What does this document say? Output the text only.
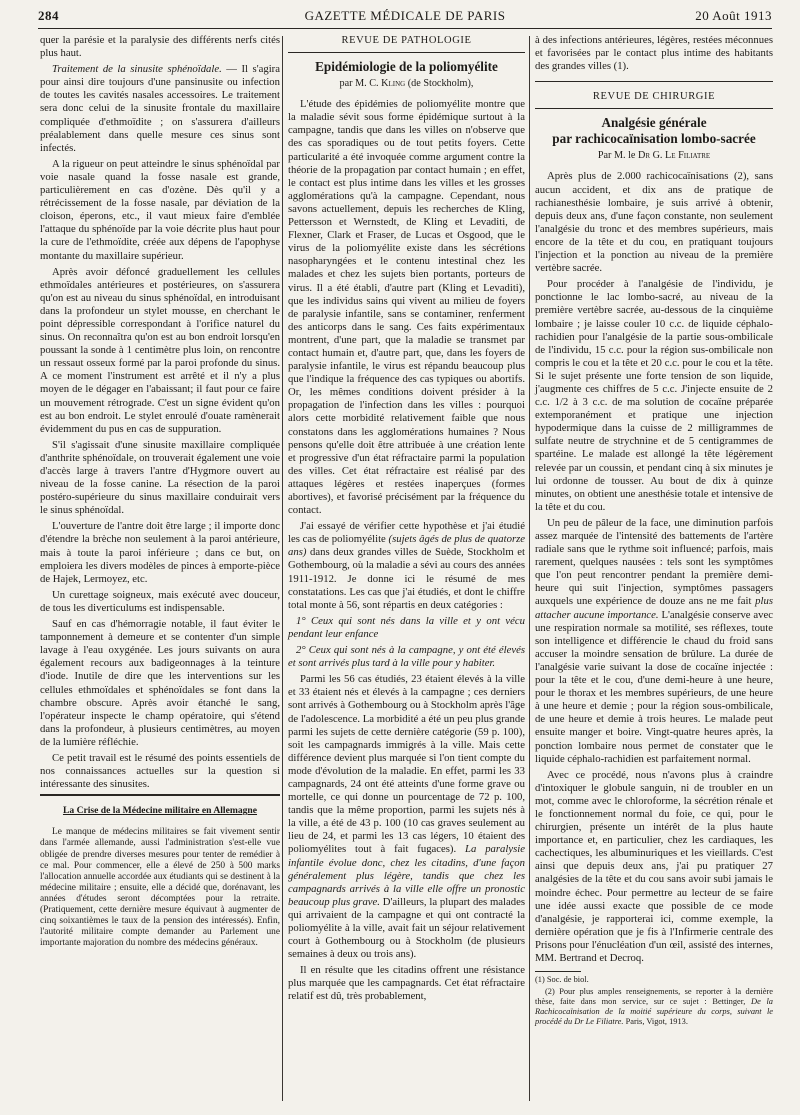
284	GAZETTE MÉDICALE DE PARIS	20 Août 1913

quer la parésie et la paralysie des différents nerfs cités plus haut.

Traitement de la sinusite sphénoïdale. — Il s'agira pour ainsi dire toujours d'une pansinusite ou infection de toutes les cavités nasales accessoires. Le traitement sera donc celui de la sinusite frontale du maxillaire compliquée d'ethmoïdite ; on s'assurera d'ailleurs préalablement dans quelle mesure ces sinus sont infectés.

A la rigueur on peut atteindre le sinus sphénoïdal par voie nasale quand la fosse nasale est grande, particulièrement en cas d'ozène. Dès qu'il y a rétrécissement de la fosse nasale, par déviation de la cloison, éperons, etc., il vaut mieux faire d'emblée l'attaque du sphénoïde par la voie décrite plus haut pour la cure de l'ethmoïdite, créée aux dépens de l'apophyse montante du maxillaire supérieur.

Après avoir défoncé graduellement les cellules ethmoïdales antérieures et postérieures, on s'assurera qu'on est au niveau du sinus sphénoïdal, en introduisant dans la profondeur un stylet mousse, en cherchant le point dépressible correspondant à l'orifice naturel du sinus. On reconnaîtra qu'on est au bon endroit lorsqu'en poussant la sonde à 1 centimètre plus loin, on rencontre un ressaut osseux formé par la paroi profonde du sinus. A ce moment l'instrument est arrêté et il n'y a plus moyen de le dégager en l'abaissant; il faut pour ce faire un mouvement rétrograde. C'est un signe évident qu'on est au bon endroit. Le stylet enroulé d'ouate ramènerait évidemment du pus en cas de suppuration.

S'il s'agissait d'une sinusite maxillaire compliquée d'anthrite sphénoïdale, on trouverait également une voie d'accès large à travers l'antre d'Hygmore ouvert au niveau de la fosse canine. La résection de la paroi postéro-supérieure du sinus maxillaire conduirait vers le sinus sphénoïdal.

L'ouverture de l'antre doit être large ; il importe donc d'étendre la brèche non seulement à la paroi antérieure, mais à toute la paroi inférieure ; dans ce but, on emploiera les divers modèles de pinces à emporte-pièce de Hajek, Lermoyez, etc.

Un curettage soigneux, mais exécuté avec douceur, de tous les diverticulums est indispensable.

Sauf en cas d'hémorragie notable, il faut éviter le tamponnement à demeure et se contenter d'un simple lavage à l'eau oxygénée. Les jours suivants on aura également recours aux badigeonnages à la teinture d'iode. Inutile de dire que les interventions sur les cellules ethmoïdales et sphénoïdales se font dans la chambre obscure. Après avoir étanché le sang, l'opérateur inspecte le champ opératoire, qui s'étend dans la profondeur, à plusieurs centimètres, au moyen de la lumière réfléchie.

Ce petit travail est le résumé des points essentiels de nos connaissances actuelles sur la question si intéressante des sinusites.

La Crise de la Médecine militaire en Allemagne

Le manque de médecins militaires se fait vivement sentir dans l'armée allemande, aussi l'administration s'est-elle vue obligée de prendre diverses mesures pour tenter de remédier à ce mal. Pour commencer, elle a élevé de 250 à 500 marks l'allocation annuelle accordée aux étudiants qui se destinent à la médecine militaire ; ensuite, elle a décidé que, dorénavant, les années d'études seront décomptées pour la retraite. (Pratiquement, cette dernière mesure équivaut à augmenter de cinq soixantièmes le taux de la pension des intéressés). Enfin, l'autorité militaire compte demander au Parlement une importante majoration du nombre des médecins généraux.

REVUE DE PATHOLOGIE
Epidémiologie de la poliomyélite
par M. C. Kling (de Stockholm),

L'étude des épidémies de poliomyélite montre que la maladie sévit sous forme épidémique surtout à la campagne, tandis que dans les villes on n'observe que des cas sporadiques ou de tout petits foyers. Cette particularité a été invoquée comme argument contre la théorie de la propagation par contact humain ; en effet, le contact est plus intime dans les villes et les grosses agglomérations qu'à la campagne. Cependant, nous savons actuellement, depuis les recherches de Kling, Pettersson et Wernstedt, de Kling et Levaditi, de Flexner, Clark et Fraser, de Lucas et Osgood, que le virus de la poliomyélite existe dans les sécrétions nasopharyngées et le contenu intestinal chez les malades et chez les sujets bien portants, porteurs de virus. Il a été établi, d'autre part (Kling et Levaditi), que les individus sains qui vivent au milieu de foyers de paralysie infantile, sans se contaminer, renferment des anticorps dans le sang. Ces faits expérimentaux montrent, d'une part, que la maladie se transmet par contact humain et, d'autre part, que, dans les foyers de paralysie infantile, le virus est répandu beaucoup plus que l'indique la fréquence des cas typiques ou abortifs. Or, les mêmes conditions doivent présider à la propagation de l'infection dans les villes : pourquoi alors cette morbidité relativement faible que nous constatons dans les agglomérations humaines ? Nous pensons qu'elle doit être attribuée à une création lente et progressive d'un état réfractaire parmi la population des villes. Cet état réfractaire est réalisé par des attaques légères et restées inaperçues (formes abortives), et favorisé précisément par la fréquence du contact.

J'ai essayé de vérifier cette hypothèse et j'ai étudié les cas de poliomyélite (sujets âgés de plus de quatorze ans) dans deux grandes villes de Suède, Stockholm et Gothembourg, où la maladie a sévi au cours des années 1911-1912. Je donne ici le résumé de mes constatations. Les cas que j'ai étudiés, et dont le chiffre total monte à 56, sont répartis en deux catégories :

1° Ceux qui sont nés dans la ville et y ont vécu pendant leur enfance

2° Ceux qui sont nés à la campagne, y ont été élevés et sont arrivés plus tard à la ville pour y habiter.

Parmi les 56 cas étudiés, 23 étaient élevés à la ville et 33 étaient nés et élevés à la campagne ; ces derniers sont arrivés à Gothembourg ou à Stockholm après l'âge de l'adolescence. La morbidité a été un peu plus grande parmi les sujets de cette dernière catégorie (59 p. 100), soit les campagnards immigrés à la ville. Mais cette différence devient plus marquée si l'on tient compte du mode d'évolution de la maladie. En effet, parmi les 33 campagnards, 24 ont été atteints d'une forme grave ou mortelle, ce qui donne un pourcentage de 72 p. 100, tandis que la même proportion, parmi les sujets nés à la ville, a été de 43 p. 100 (10 cas graves seulement au lieu de 24, et parmi les 13 cas légers, 10 étaient des poliomyélites tout à fait fugaces). La paralysie infantile évolue donc, chez les citadins, d'une façon généralement plus légère, tandis que chez les campagnards arrivés à la ville elle offre un pronostic beaucoup plus grave. D'ailleurs, la plupart des malades qui arrivaient de la campagne et qui ont contracté la poliomyélite à la ville, avait fait un séjour relativement court à Gothembourg ou à Stockholm (de plusieurs semaines à deux ou trois ans).

Il en résulte que les citadins offrent une résistance plus marquée que les campagnards. Cet état réfractaire relatif est dû, très probablement,

à des infections antérieures, légères, restées méconnues et favorisées par le contact plus intime des habitants des grandes villes (1).

REVUE DE CHIRURGIE
Analgésie générale
par rachicocaïnisation lombo-sacrée
Par M. le Dr G. Le Filiatre

Après plus de 2.000 rachicocaïnisations (2), sans aucun accident, et dix ans de pratique de rachianesthésie lombaire, je suis arrivé à obtenir, depuis deux ans, d'une façon constante, non seulement l'analgésie du tronc et des membres supérieurs, mais encore de la tête et du cou, en pratiquant toujours l'injection et la ponction au niveau de la première vertèbre sacrée.

Pour procéder à l'analgésie de l'individu, je ponctionne le lac lombo-sacré, au niveau de la première vertèbre sacrée, au-dessous de la cinquième lombaire ; je laisse couler 10 c.c. de liquide céphalo-rachidien pour l'analgésie de la partie sous-ombilicale de l'individu, 15 c.c. pour la région sus-ombilicale non compris le cou et la tête et 20 c.c. pour le cou et la tête. Si le sujet présente une forte tension de son liquide, j'augmente ces chiffres de 5 c.c. J'injecte ensuite de 2 c.c. 1/2 à 3 c.c. de ma solution de cocaïne préparée extemporanément et pratique une injection hypodermique dans la cuisse de 2 milligrammes de sulfate neutre de strychnine et de 5 centigrammes de spartéine. Le malade est allongé la tête légèrement relevée par un coussin, et pendant cinq à six minutes je lui ordonne de tousser. Au bout de dix à quinze minutes, on obtient une anesthésie totale et intensive de la tête et du cou.

Un peu de pâleur de la face, une diminution parfois assez marquée de l'intensité des battements de l'artère radiale sans que le rythme soit influencé; parfois, mais rarement, quelques nausées : tels sont les symptômes que l'on peut rencontrer pendant la première demi-heure qui suit l'injection, symptômes passagers auxquels une expérience de douze ans ne me fait plus attacher aucune importance. L'analgésie conserve avec une respiration normale sa motilité, ses réflexes, toute son intelligence et différencie le chaud du froid sans accuser la moindre sensation de brûlure. La durée de l'analgésie varie suivant la dose de cocaïne injectée : pour la tête et le cou, d'une demi-heure à une heure, pour le thorax et les membres supérieurs, de une heure à une heure et demie ; pour la région sous-ombilicale, de une heure et demie à trois heures. Le malade peut ensuite manger et boire. Vingt-quatre heures après, la ponction lombaire nous permet de constater que le liquide céphalo-rachidien est parfaitement normal.

Avec ce procédé, nous n'avons plus à craindre d'intoxiquer le globule sanguin, ni de troubler en un mot, comme avec le chloroforme, la sécrétion rénale et le fonctionnement normal du foie, ce qui, pour le chirurgien, présente un intérêt de la plus haute importance et, en particulier, chez les cardiaques, les cachectiques, les albuminuriques et les vieillards. C'est ainsi que depuis deux ans, j'ai pu pratiquer 27 analgésies de la tête et du cou sans avoir subi jamais le moindre échec. Pour permettre au lecteur de se faire une idée aussi exacte que possible de ce mode d'analgésie, je rapporterai ici, comme exemple, la dernière opération que je fis à l'Infirmerie centrale des Prisons pour l'énucléation d'un œil, assisté des internes, MM. Bertrand et Decroq.

(1) Soc. de biol.

(2) Pour plus amples renseignements, se reporter à la dernière thèse, faite dans mon service, sur ce sujet : Bettinger, De la Rachicocaïnisation de la moitié supérieure du corps, suivant le procédé du Dr Le Filiatre. Paris, Vigot, 1913.
